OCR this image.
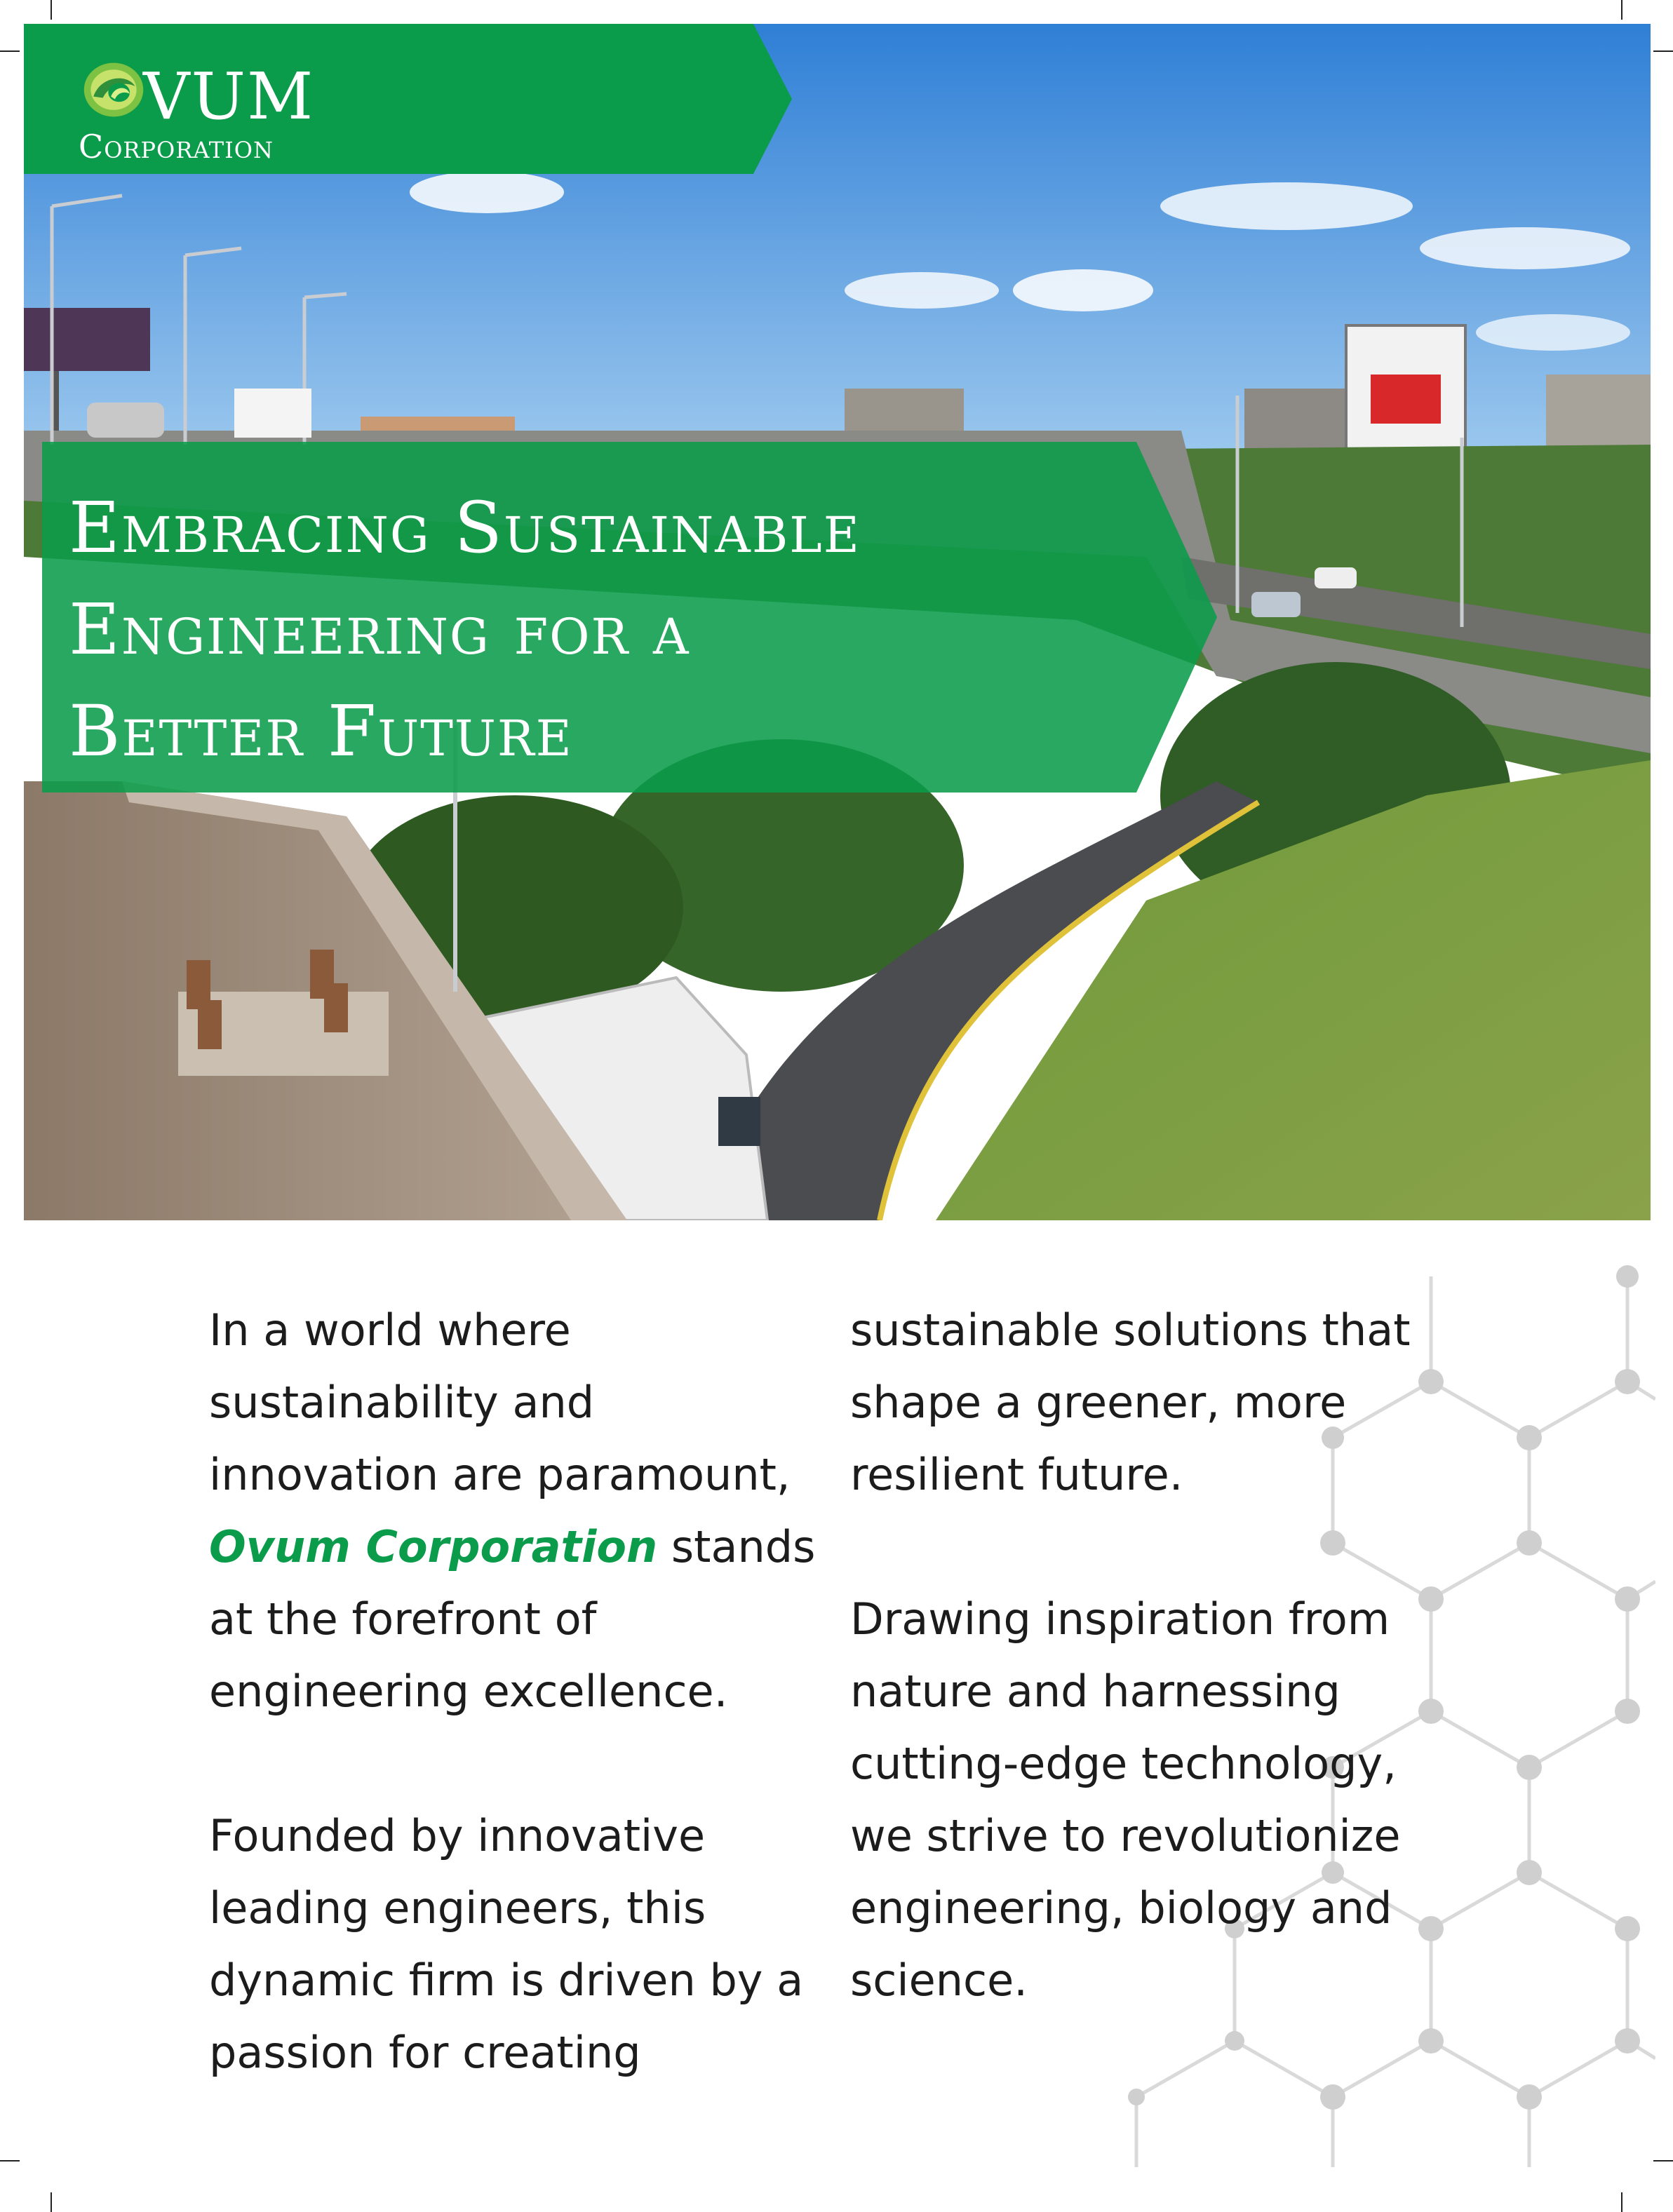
VUM
Corporation
Embracing Sustainable
Engineering for a
Better Future
In a world where
sustainability and
innovation are paramount,
Ovum Corporation stands
at the forefront of
engineering excellence.
Founded by innovative
leading engineers, this
dynamic firm is driven by a
passion for creating
sustainable solutions that
shape a greener, more
resilient future.
Drawing inspiration from
nature and harnessing
cutting-edge technology,
we strive to revolutionize
engineering, biology and
science.
